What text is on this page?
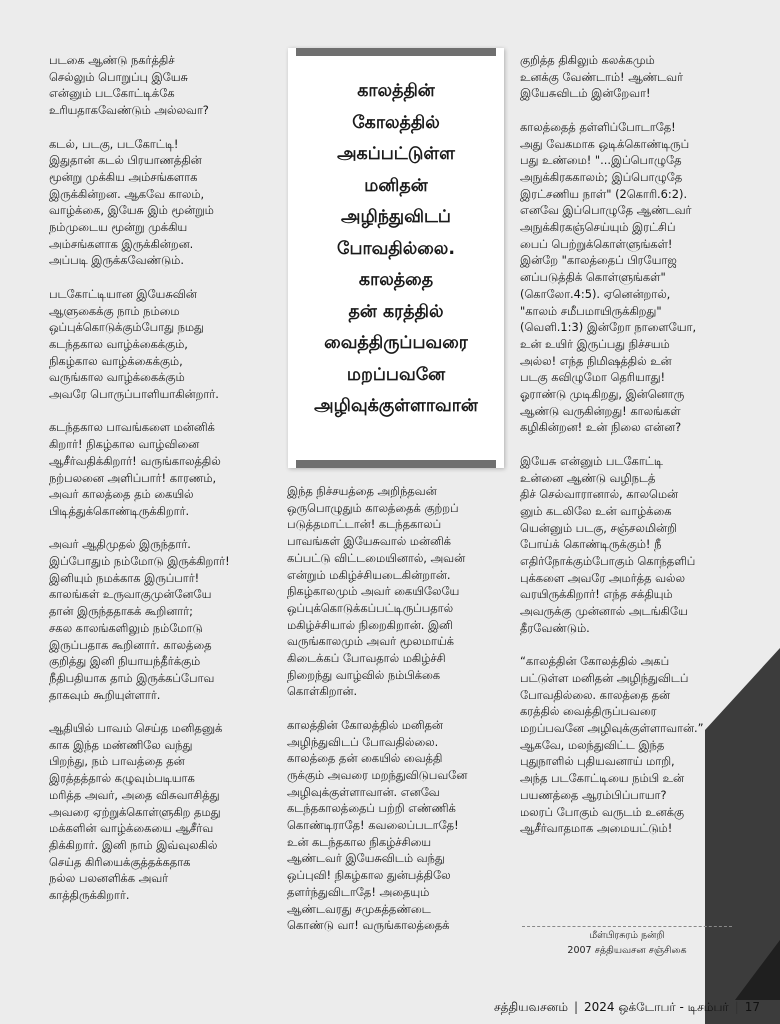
படகை ஆண்டு நகர்த்திச்
செல்லும் பொறுப்பு இயேசு
என்னும் படகோட்டிக்கே
உரியதாகவேண்டும் அல்லவா?

கடல், படகு, படகோட்டி!
இதுதான் கடல் பிரயாணத்தின்
மூன்று முக்கிய அம்சங்களாக
இருக்கின்றன. ஆகவே காலம்,
வாழ்க்கை, இயேசு இம் மூன்றும்
நம்முடைய மூன்று முக்கிய
அம்சங்களாக இருக்கின்றன.
அப்படி இருக்கவேண்டும்.

படகோட்டியான இயேசுவின்
ஆளுகைக்கு நாம் நம்மை
ஒப்புக்கொடுக்கும்போது நமது
கடந்தகால வாழ்க்கைக்கும்,
நிகழ்கால வாழ்க்கைக்கும்,
வருங்கால வாழ்க்கைக்கும்
அவரே பொருப்பாளியாகின்றார்.

கடந்தகால பாவங்களை மன்னிக்
கிறார்! நிகழ்கால வாழ்வினை
ஆசீர்வதிக்கிறார்! வருங்காலத்தில்
நற்பலனை அளிப்பார்! காரணம்,
அவர் காலத்தை தம் கையில்
பிடித்துக்கொண்டிருக்கிறார்.

அவர் ஆதிமுதல் இருந்தார்.
இப்போதும் நம்மோடு இருக்கிறார்!
இனியும் நமக்காக இருப்பார்!
காலங்கள் உருவாகுமுன்னேயே
தான் இருந்ததாகக் கூறினார்;
சகல காலங்களிலும் நம்மோடு
இருப்பதாக கூறினார். காலத்தை
குறித்து இனி நியாயந்தீர்க்கும்
நீதிபதியாக தாம் இருக்கப்போவ
தாகவும் கூறியுள்ளார்.

ஆதியில் பாவம் செய்த மனிதனுக்
காக இந்த மண்ணிலே வந்து
பிறந்து, நம் பாவத்தை தன்
இரத்தத்தால் கழுவும்படியாக
மரித்த அவர், அதை விசுவாசித்து
அவரை ஏற்றுக்கொள்ளுகிற தமது
மக்களின் வாழ்க்கையை ஆசீர்வ
திக்கிறார். இனி நாம் இவ்வுலகில்
செய்த கிரியைக்குத்தக்கதாக
நல்ல பலனளிக்க அவர்
காத்திருக்கிறார்.

காலத்தின்
கோலத்தில்
அகப்பட்டுள்ள
மனிதன்
அழிந்துவிடப்
போவதில்லை.
காலத்தை
தன் கரத்தில்
வைத்திருப்பவரை
மறப்பவனே
அழிவுக்குள்ளாவான்

இந்த நிச்சயத்தை அறிந்தவன்
ஒருபொழுதும் காலத்தைக் குற்றப்
படுத்தமாட்டான்! கடந்தகாலப்
பாவங்கள் இயேசுவால் மன்னிக்
கப்பட்டு விட்டமையினால், அவன்
என்றும் மகிழ்ச்சியடைகின்றான்.
நிகழ்காலமும் அவர் கையிலேயே
ஒப்புக்கொடுக்கப்பட்டிருப்பதால்
மகிழ்ச்சியால் நிறைகிறான். இனி
வருங்காலமும் அவர் மூலமாய்க்
கிடைக்கப் போவதால் மகிழ்ச்சி
நிறைந்து வாழ்வில் நம்பிக்கை
கொள்கிறான்.

காலத்தின் கோலத்தில் மனிதன்
அழிந்துவிடப் போவதில்லை.
காலத்தை தன் கையில் வைத்தி
ருக்கும் அவரை மறந்துவிடுபவனே
அழிவுக்குள்ளாவான். எனவே
கடந்தகாலத்தைப் பற்றி எண்ணிக்
கொண்டிராதே! கவலைப்படாதே!
உன் கடந்தகால நிகழ்ச்சியை
ஆண்டவர் இயேசுவிடம் வந்து
ஒப்புவி! நிகழ்கால துன்பத்திலே
தளர்ந்துவிடாதே! அதையும்
ஆண்டவரது சமுகத்தண்டை
கொண்டு வா! வருங்காலத்தைக்

குறித்த திகிலும் கலக்கமும்
உனக்கு வேண்டாம்! ஆண்டவர்
இயேசுவிடம் இன்றேவா!

காலத்தைத் தள்ளிப்போடாதே!
அது வேகமாக ஒடிக்கொண்டிருப்
பது உண்மை! "...இப்பொழுதே
அநுக்கிரககாலம்; இப்பொழுதே
இரட்சணிய நாள்" (2கொரி.6:2).
எனவே இப்பொழுதே ஆண்டவர்
அநுக்கிரகஞ்செய்யும் இரட்சிப்
பைப் பெற்றுக்கொள்ளுங்கள்!
இன்றே "காலத்தைப் பிரயோஜ
னப்படுத்திக் கொள்ளுங்கள்"
(கொலோ.4:5). ஏனென்றால்,
"காலம் சமீபமாயிருக்கிறது"
(வெளி.1:3) இன்றோ நாளையோ,
உன் உயிர் இருப்பது நிச்சயம்
அல்ல! எந்த நிமிஷத்தில் உன்
படகு கவிழுமோ தெரியாது!
ஓராண்டு முடிகிறது, இன்னொரு
ஆண்டு வருகின்றது! காலங்கள்
கழிகின்றன! உன் நிலை என்ன?

இயேசு என்னும் படகோட்டி
உன்னை ஆண்டு வழிநடத்
திச் செல்வாரானால், காலமென்
னும் கடலிலே உன் வாழ்க்கை
யென்னும் படகு, சஞ்சலமின்றி
போய்க் கொண்டிருக்கும்! நீ
எதிர்நோக்கும்போகும் கொந்தளிப்
புக்களை அவரே அமர்த்த வல்ல
வரயிருக்கிறார்! எந்த சக்தியும்
அவருக்கு முன்னால் அடங்கியே
தீரவேண்டும்.

“காலத்தின் கோலத்தில் அகப்
பட்டுள்ள மனிதன் அழிந்துவிடப்
போவதில்லை. காலத்தை தன்
கரத்தில் வைத்திருப்பவரை
மறப்பவனே அழிவுக்குள்ளாவான்.”
ஆகவே, மலந்துவிட்ட இந்த
புதுநாளில் புதியவனாய் மாறி,
அந்த படகோட்டியை நம்பி உன்
பயணத்தை ஆரம்பிப்பாயா?
மலரப் போகும் வருடம் உனக்கு
ஆசீர்வாதமாக அமையட்டும்!

மீள்பிரசுரம் நன்றி
2007 சத்தியவசன சஞ்சிகை
சத்தியவசனம் | 2024 ஒக்டோபர் - டிசம்பர் | 17
